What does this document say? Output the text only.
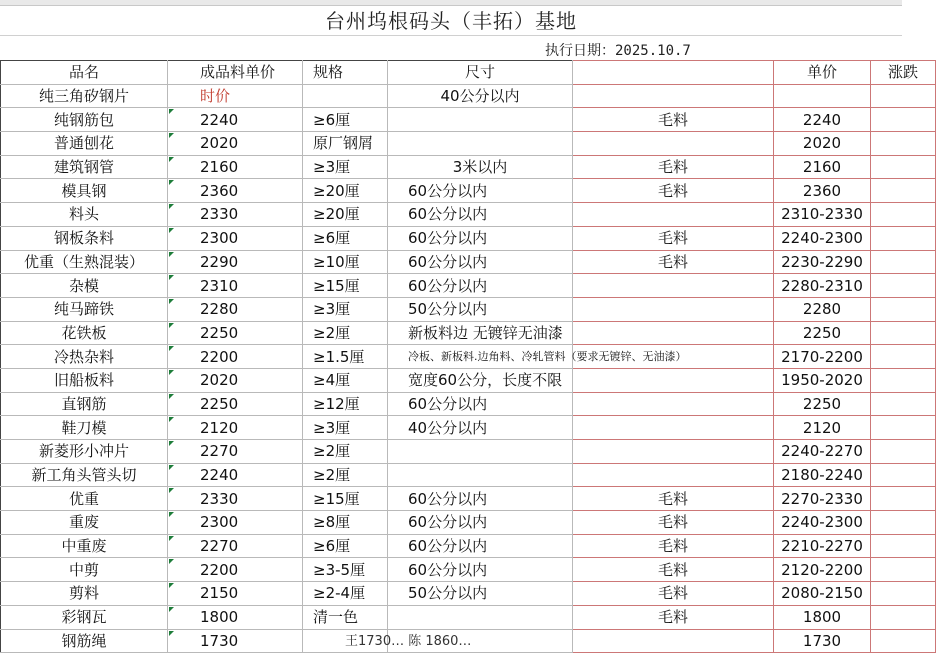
台州坞根码头（丰拓）基地
执行日期：2025.10.7
品名	成品料单价	规格	尺寸		单价	涨跌
纯三角矽钢片	时价		40公分以内			
纯钢筋包	2240	≥6厘		毛料	2240	
普通刨花	2020	原厂钢屑			2020	
建筑钢管	2160	≥3厘	3米以内	毛料	2160	
模具钢	2360	≥20厘	60公分以内	毛料	2360	
料头	2330	≥20厘	60公分以内		2310-2330	
钢板条料	2300	≥6厘	60公分以内	毛料	2240-2300	
优重（生熟混装）	2290	≥10厘	60公分以内	毛料	2230-2290	
杂模	2310	≥15厘	60公分以内		2280-2310	
纯马蹄铁	2280	≥3厘	50公分以内		2280	
花铁板	2250	≥2厘	新板料边 无镀锌无油漆		2250	
冷热杂料	2200	≥1.5厘	冷板、新板料.边角料、冷轧管料（要求无镀锌、无油漆）		2170-2200	
旧船板料	2020	≥4厘	宽度60公分，长度不限		1950-2020	
直钢筋	2250	≥12厘	60公分以内		2250	
鞋刀模	2120	≥3厘	40公分以内		2120	
新菱形小冲片	2270	≥2厘			2240-2270	
新工角头管头切	2240	≥2厘			2180-2240	
优重	2330	≥15厘	60公分以内	毛料	2270-2330	
重废	2300	≥8厘	60公分以内	毛料	2240-2300	
中重废	2270	≥6厘	60公分以内	毛料	2210-2270	
中剪	2200	≥3-5厘	60公分以内	毛料	2120-2200	
剪料	2150	≥2-4厘	50公分以内	毛料	2080-2150	
彩钢瓦	1800	清一色		毛料	1800	
钢筋绳	1730				1730	
王1730… 陈 1860…
